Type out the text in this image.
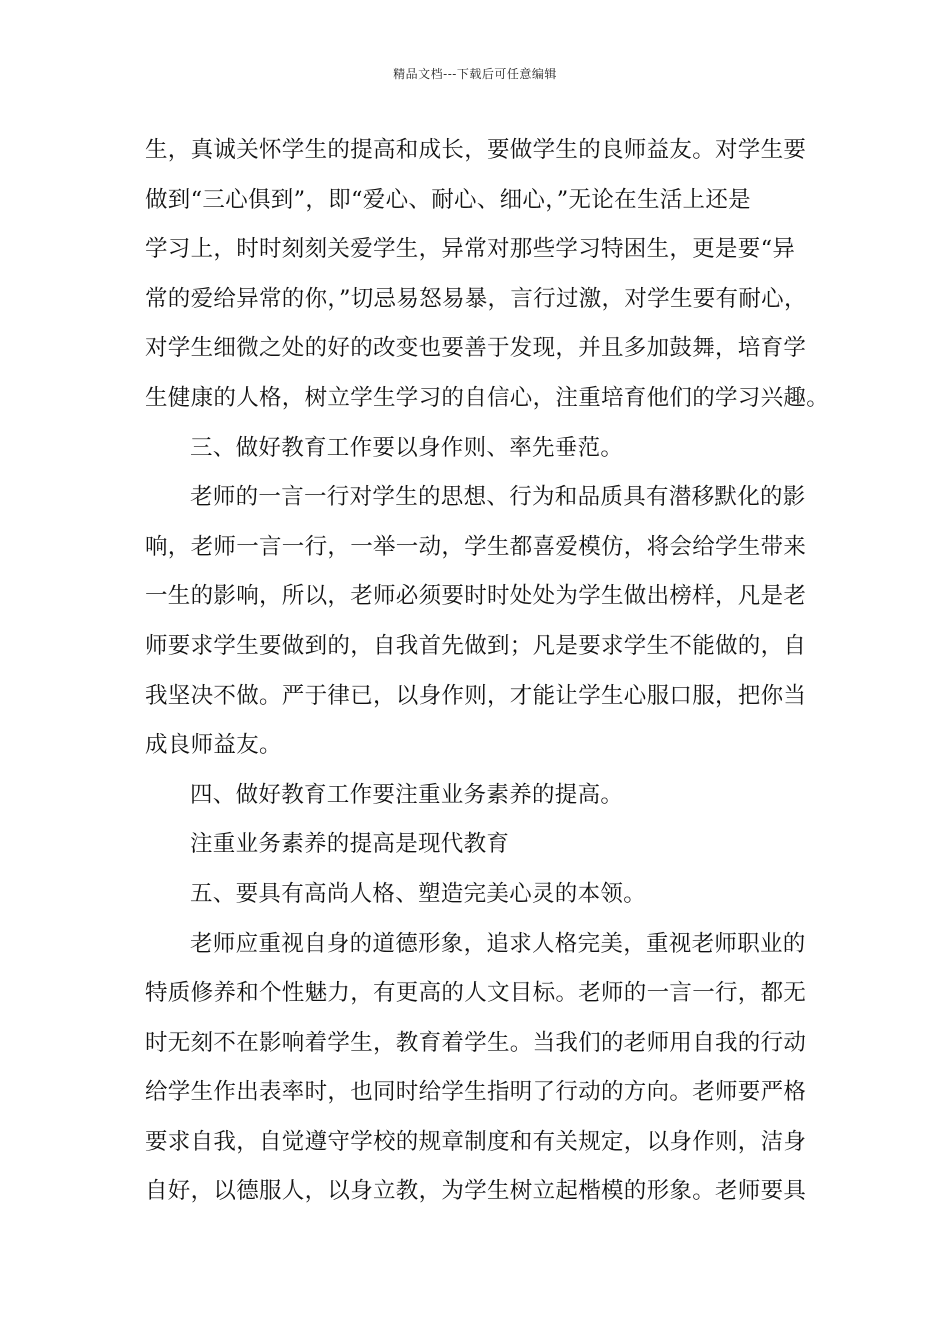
精品文档---下载后可任意编辑
生，真诚关怀学生的提高和成长，要做学生的良师益友。对学生要
做到“三心俱到”，即“爱心、耐心、细心，”无论在生活上还是
学习上，时时刻刻关爱学生，异常对那些学习特困生，更是要“异
常的爱给异常的你，”切忌易怒易暴，言行过激，对学生要有耐心，
对学生细微之处的好的改变也要善于发现，并且多加鼓舞，培育学
生健康的人格，树立学生学习的自信心，注重培育他们的学习兴趣。
三、做好教育工作要以身作则、率先垂范。
老师的一言一行对学生的思想、行为和品质具有潜移默化的影
响，老师一言一行，一举一动，学生都喜爱模仿，将会给学生带来
一生的影响，所以，老师必须要时时处处为学生做出榜样，凡是老
师要求学生要做到的，自我首先做到；凡是要求学生不能做的，自
我坚决不做。严于律已，以身作则，才能让学生心服口服，把你当
成良师益友。
四、做好教育工作要注重业务素养的提高。
注重业务素养的提高是现代教育
五、要具有高尚人格、塑造完美心灵的本领。
老师应重视自身的道德形象，追求人格完美，重视老师职业的
特质修养和个性魅力，有更高的人文目标。老师的一言一行，都无
时无刻不在影响着学生，教育着学生。当我们的老师用自我的行动
给学生作出表率时，也同时给学生指明了行动的方向。老师要严格
要求自我，自觉遵守学校的规章制度和有关规定，以身作则，洁身
自好，以德服人，以身立教，为学生树立起楷模的形象。老师要具
